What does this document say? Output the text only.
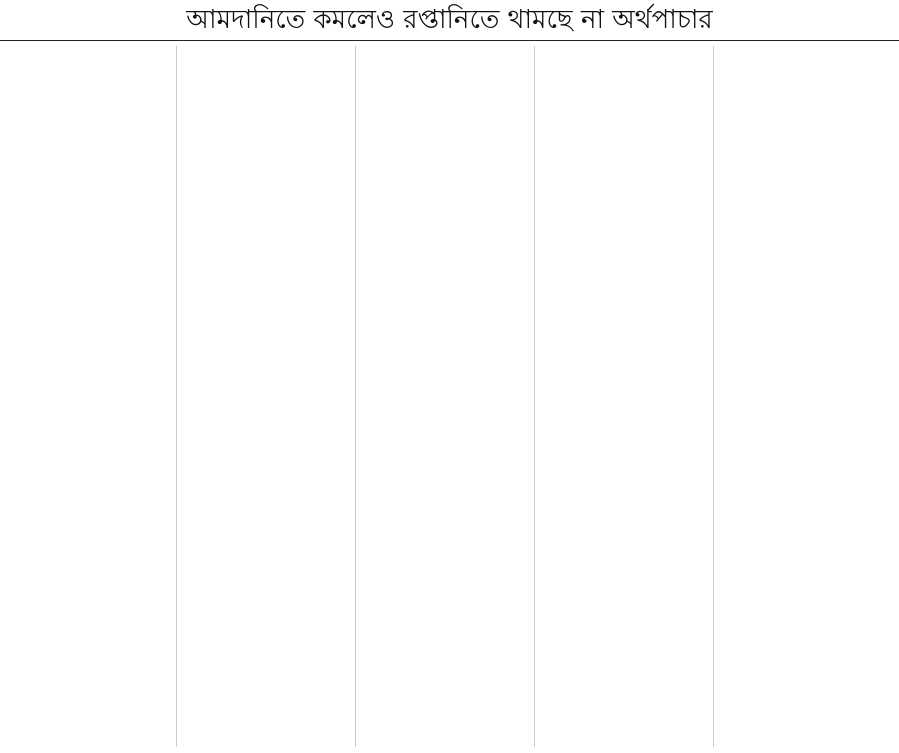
আমদানিতে কমলেও রপ্তানিতে থামছে না অর্থপাচার
